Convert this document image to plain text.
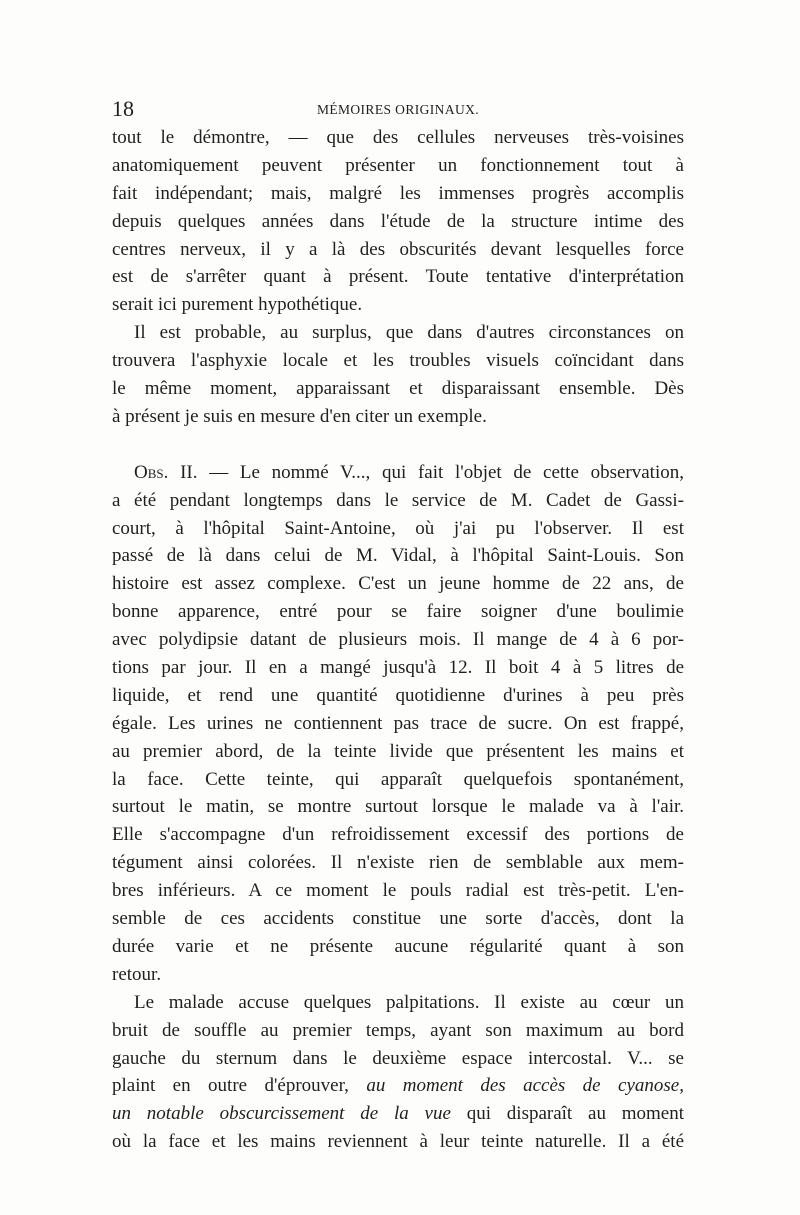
18	MÉMOIRES ORIGINAUX.
tout le démontre, — que des cellules nerveuses très-voisines
anatomiquement peuvent présenter un fonctionnement tout à
fait indépendant; mais, malgré les immenses progrès accomplis
depuis quelques années dans l'étude de la structure intime des
centres nerveux, il y a là des obscurités devant lesquelles force
est de s'arrêter quant à présent. Toute tentative d'interprétation
serait ici purement hypothétique.
Il est probable, au surplus, que dans d'autres circonstances on
trouvera l'asphyxie locale et les troubles visuels coïncidant dans
le même moment, apparaissant et disparaissant ensemble. Dès
à présent je suis en mesure d'en citer un exemple.
Obs. II. — Le nommé V..., qui fait l'objet de cette observation,
a été pendant longtemps dans le service de M. Cadet de Gassi-
court, à l'hôpital Saint-Antoine, où j'ai pu l'observer. Il est
passé de là dans celui de M. Vidal, à l'hôpital Saint-Louis. Son
histoire est assez complexe. C'est un jeune homme de 22 ans, de
bonne apparence, entré pour se faire soigner d'une boulimie
avec polydipsie datant de plusieurs mois. Il mange de 4 à 6 por-
tions par jour. Il en a mangé jusqu'à 12. Il boit 4 à 5 litres de
liquide, et rend une quantité quotidienne d'urines à peu près
égale. Les urines ne contiennent pas trace de sucre. On est frappé,
au premier abord, de la teinte livide que présentent les mains et
la face. Cette teinte, qui apparaît quelquefois spontanément,
surtout le matin, se montre surtout lorsque le malade va à l'air.
Elle s'accompagne d'un refroidissement excessif des portions de
tégument ainsi colorées. Il n'existe rien de semblable aux mem-
bres inférieurs. A ce moment le pouls radial est très-petit. L'en-
semble de ces accidents constitue une sorte d'accès, dont la
durée varie et ne présente aucune régularité quant à son
retour.
Le malade accuse quelques palpitations. Il existe au cœur un
bruit de souffle au premier temps, ayant son maximum au bord
gauche du sternum dans le deuxième espace intercostal. V... se
plaint en outre d'éprouver, au moment des accès de cyanose,
un notable obscurcissement de la vue qui disparaît au moment
où la face et les mains reviennent à leur teinte naturelle. Il a été
